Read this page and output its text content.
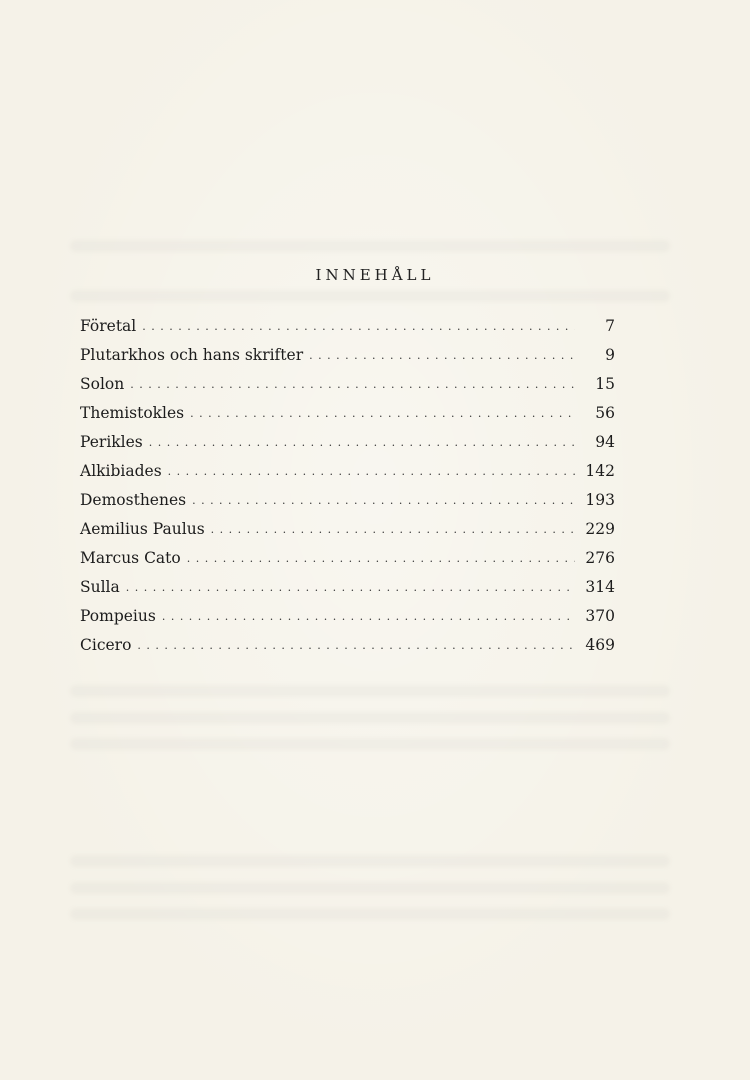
INNEHÅLL
Företal . . .	7
Plutarkhos och hans skrifter . . .	9
Solon . . .	15
Themistokles . . .	56
Perikles . . .	94
Alkibiades . . .	142
Demosthenes . . .	193
Aemilius Paulus . . .	229
Marcus Cato . . .	276
Sulla . . .	314
Pompeius . . .	370
Cicero . . .	469
